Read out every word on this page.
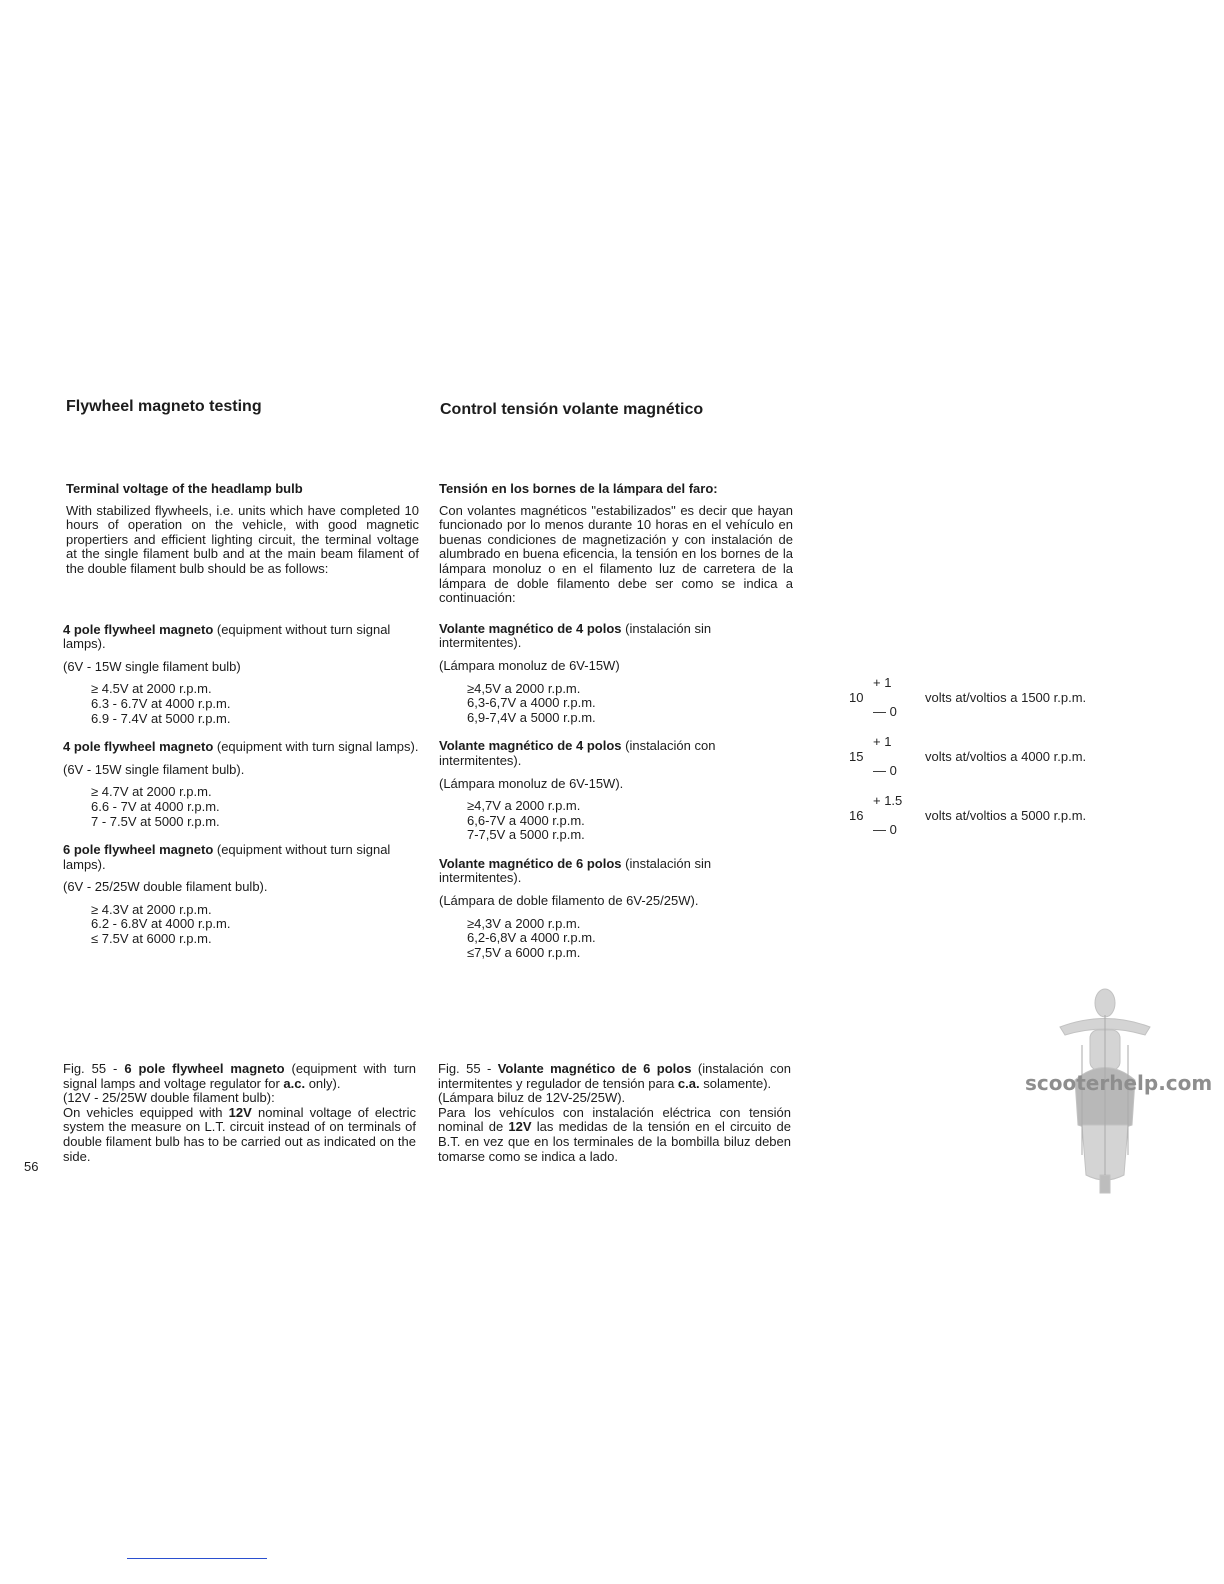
Flywheel magneto testing	Control tensión volante magnético
Terminal voltage of the headlamp bulb

With stabilized flywheels, i.e. units which have completed 10 hours of operation on the vehicle, with good magnetic propertiers and efficient lighting circuit, the terminal voltage at the single filament bulb and at the main beam filament of the double filament bulb should be as follows:

4 pole flywheel magneto (equipment without turn signal lamps).

(6V - 15W single filament bulb)
≥ 4.5V at 2000 r.p.m.
6.3 - 6.7V at 4000 r.p.m.
6.9 - 7.4V at 5000 r.p.m.

4 pole flywheel magneto (equipment with turn signal lamps).

(6V - 15W single filament bulb).
≥ 4.7V at 2000 r.p.m.
6.6 - 7V at 4000 r.p.m.
7 - 7.5V at 5000 r.p.m.

6 pole flywheel magneto (equipment without turn signal lamps).

(6V - 25/25W double filament bulb).
≥ 4.3V at 2000 r.p.m.
6.2 - 6.8V at 4000 r.p.m.
≤ 7.5V at 6000 r.p.m.
Fig. 55 - 6 pole flywheel magneto (equipment with turn signal lamps and voltage regulator for a.c. only).
(12V - 25/25W double filament bulb):
On vehicles equipped with 12V nominal voltage of electric system the measure on L.T. circuit instead of on terminals of double filament bulb has to be carried out as indicated on the side.
56
Tensión en los bornes de la lámpara del faro:

Con volantes magnéticos "estabilizados" es decir que hayan funcionado por lo menos durante 10 horas en el vehículo en buenas condiciones de magnetización y con instalación de alumbrado en buena eficencia, la tensión en los bornes de la lámpara monoluz o en el filamento luz de carretera de la lámpara de doble filamento debe ser como se indica a continuación:

Volante magnético de 4 polos (instalación sin intermitentes).

(Lámpara monoluz de 6V-15W)
≥4,5V a 2000 r.p.m.
6,3-6,7V a 4000 r.p.m.
6,9-7,4V a 5000 r.p.m.

Volante magnético de 4 polos (instalación con intermitentes).

(Lámpara monoluz de 6V-15W).
≥4,7V a 2000 r.p.m.
6,6-7V a 4000 r.p.m.
7-7,5V a 5000 r.p.m.

Volante magnético de 6 polos (instalación sin intermitentes).

(Lámpara de doble filamento de 6V-25/25W).
≥4,3V a 2000 r.p.m.
6,2-6,8V a 4000 r.p.m.
≤7,5V a 6000 r.p.m.
Fig. 55 - Volante magnético de 6 polos (instalación con intermitentes y regulador de tensión para c.a. solamente).
(Lámpara biluz de 12V-25/25W).
Para los vehículos con instalación eléctrica con tensión nominal de 12V las medidas de la tensión en el circuito de B.T. en vez que en los terminales de la bombilla biluz deben tomarse como se indica a lado.
10
+ 1
— 0
volts at/voltios a 1500 r.p.m.
15
+ 1
— 0
volts at/voltios a 4000 r.p.m.
16
+ 1.5
— 0
volts at/voltios a 5000 r.p.m.
scooterhelp.com
